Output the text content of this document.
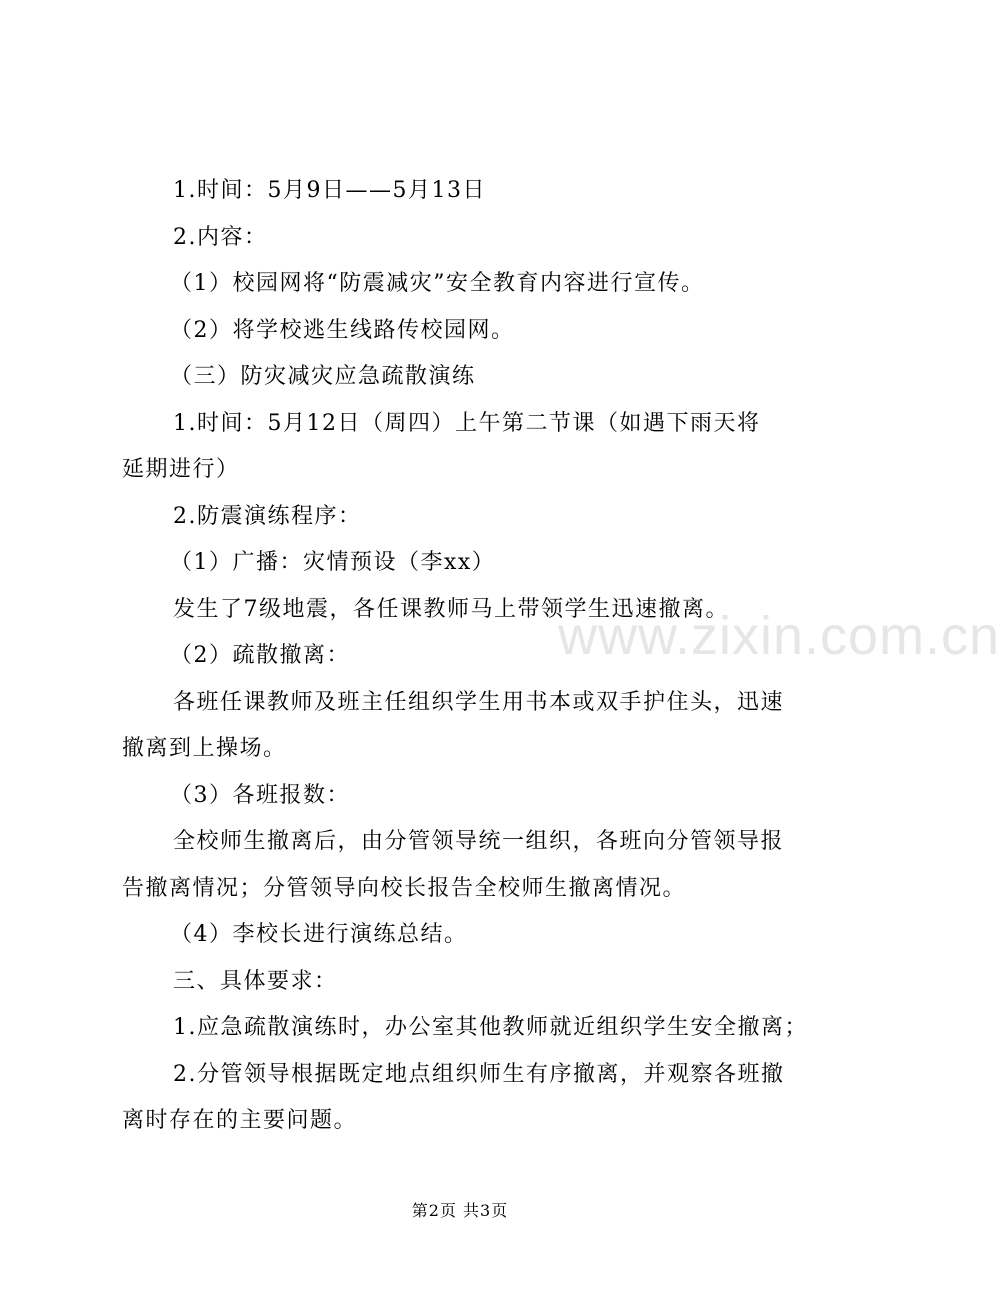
1.时间：5月9日——5月13日
2.内容：
（1）校园网将“防震减灾”安全教育内容进行宣传。
（2）将学校逃生线路传校园网。
（三）防灾减灾应急疏散演练
1.时间：5月12日（周四）上午第二节课（如遇下雨天将
延期进行）
2.防震演练程序：
（1）广播：灾情预设（李xx）
发生了7级地震，各任课教师马上带领学生迅速撤离。
（2）疏散撤离：
各班任课教师及班主任组织学生用书本或双手护住头，迅速
撤离到上操场。
（3）各班报数：
全校师生撤离后，由分管领导统一组织，各班向分管领导报
告撤离情况；分管领导向校长报告全校师生撤离情况。
（4）李校长进行演练总结。
三、具体要求：
1.应急疏散演练时，办公室其他教师就近组织学生安全撤离；
2.分管领导根据既定地点组织师生有序撤离，并观察各班撤
离时存在的主要问题。
www.zixin.com.cn
第2页 共3页
